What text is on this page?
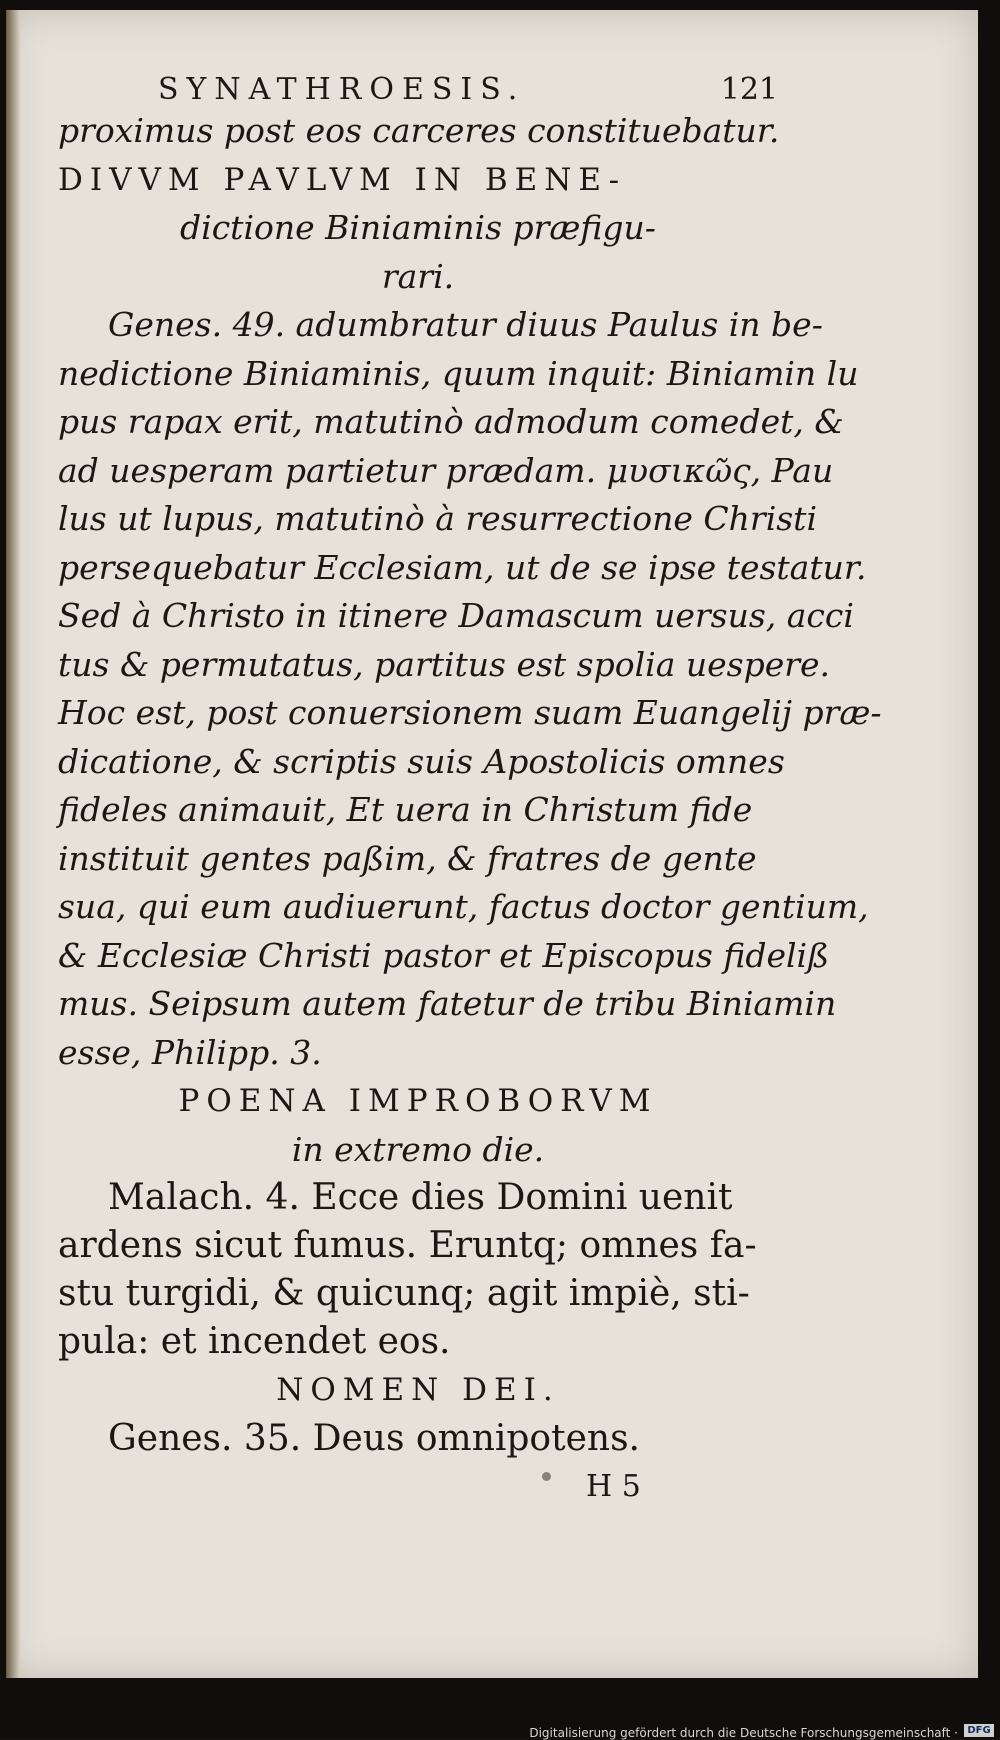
SYNATHROESIS.	121
proximus post eos carceres constituebatur.
DIVVM PAVLVM IN BENE-
dictione Biniaminis præfigu-
rari.
Genes. 49. adumbratur diuus Paulus in be-
nedictione Biniaminis, quum inquit: Biniamin lu
pus rapax erit, matutinò admodum comedet, &
ad uesperam partietur prædam. μυσικῶς, Pau
lus ut lupus, matutinò à resurrectione Christi
persequebatur Ecclesiam, ut de se ipse testatur.
Sed à Christo in itinere Damascum uersus, acci
tus & permutatus, partitus est spolia uespere.
Hoc est, post conuersionem suam Euangelij præ-
dicatione, & scriptis suis Apostolicis omnes
fideles animauit, Et uera in Christum fide
instituit gentes paßim, & fratres de gente
sua, qui eum audiuerunt, factus doctor gentium,
& Ecclesiæ Christi pastor et Episcopus fideliß
mus. Seipsum autem fatetur de tribu Biniamin
esse, Philipp. 3.
POENA IMPROBORVM
in extremo die.
Malach. 4. Ecce dies Domini uenit
ardens sicut fumus. Eruntq; omnes fa-
stu turgidi, & quicunq; agit impiè, sti-
pula: et incendet eos.
NOMEN DEI.
Genes. 35. Deus omnipotens.
H 5
Digitalisierung gefördert durch die Deutsche Forschungsgemeinschaft · DFG
